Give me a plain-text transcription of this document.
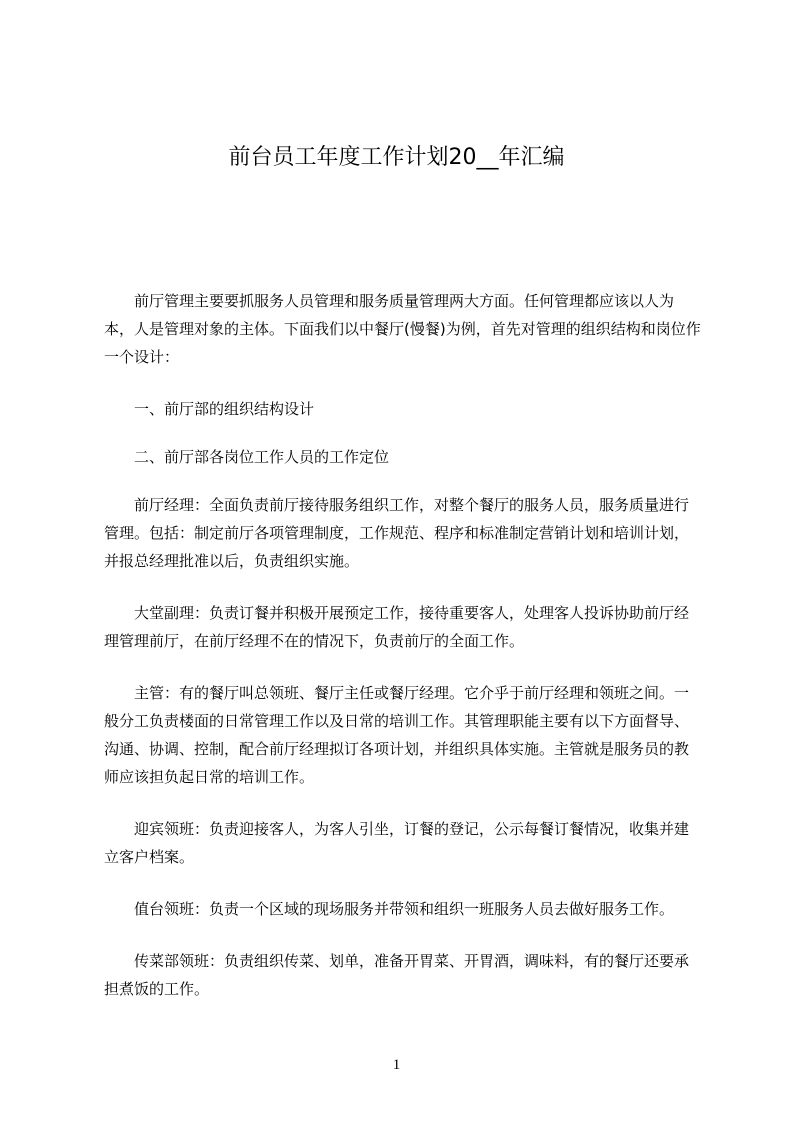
前台员工年度工作计划20__年汇编

前厅管理主要要抓服务人员管理和服务质量管理两大方面。任何管理都应该以人为本，人是管理对象的主体。下面我们以中餐厅(慢餐)为例，首先对管理的组织结构和岗位作一个设计：

一、前厅部的组织结构设计

二、前厅部各岗位工作人员的工作定位

前厅经理：全面负责前厅接待服务组织工作，对整个餐厅的服务人员，服务质量进行管理。包括：制定前厅各项管理制度，工作规范、程序和标准制定营销计划和培训计划，并报总经理批准以后，负责组织实施。

大堂副理：负责订餐并积极开展预定工作，接待重要客人，处理客人投诉协助前厅经理管理前厅，在前厅经理不在的情况下，负责前厅的全面工作。

主管：有的餐厅叫总领班、餐厅主任或餐厅经理。它介乎于前厅经理和领班之间。一般分工负责楼面的日常管理工作以及日常的培训工作。其管理职能主要有以下方面督导、沟通、协调、控制，配合前厅经理拟订各项计划，并组织具体实施。主管就是服务员的教师应该担负起日常的培训工作。

迎宾领班：负责迎接客人，为客人引坐，订餐的登记，公示每餐订餐情况，收集并建立客户档案。

值台领班：负责一个区域的现场服务并带领和组织一班服务人员去做好服务工作。

传菜部领班：负责组织传菜、划单，准备开胃菜、开胃酒，调味料，有的餐厅还要承担煮饭的工作。

1
